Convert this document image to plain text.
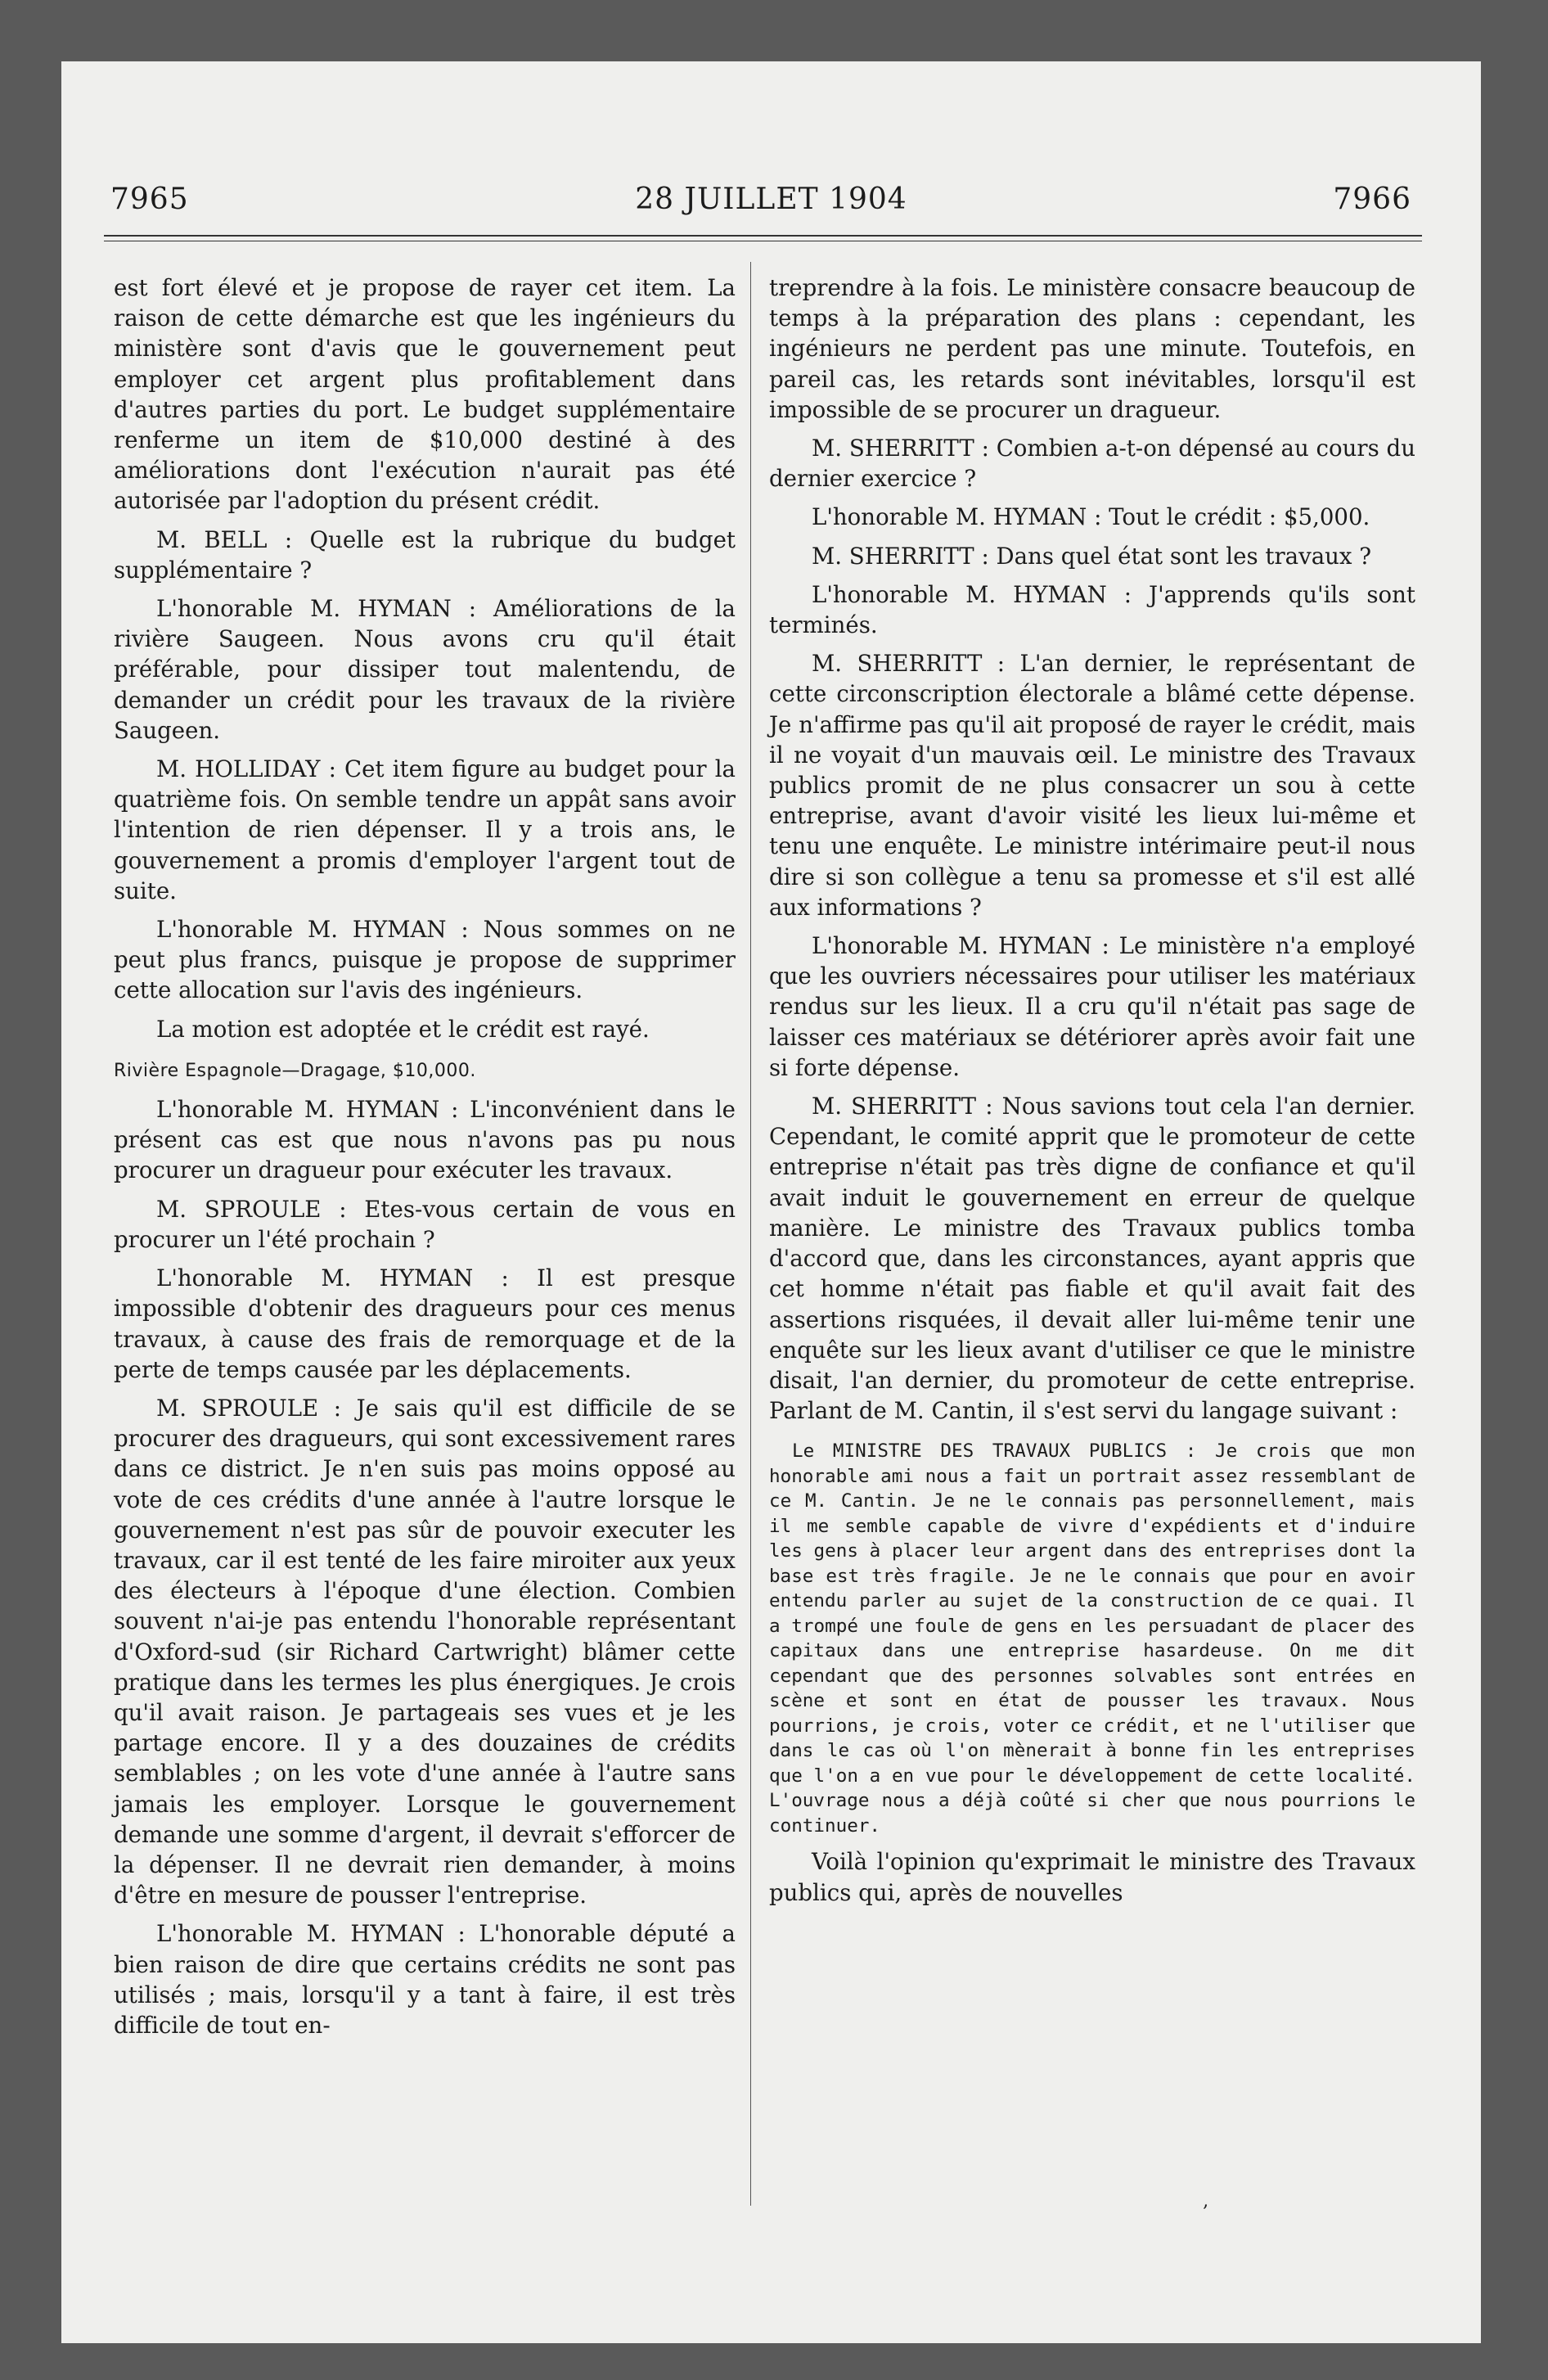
7965	28 JUILLET 1904	7966

est fort élevé et je propose de rayer cet item. La raison de cette démarche est que les ingénieurs du ministère sont d'avis que le gouvernement peut employer cet argent plus profitablement dans d'autres parties du port. Le budget supplémentaire renferme un item de $10,000 destiné à des améliorations dont l'exécution n'aurait pas été autorisée par l'adoption du présent crédit.

M. BELL : Quelle est la rubrique du budget supplémentaire ?

L'honorable M. HYMAN : Améliorations de la rivière Saugeen. Nous avons cru qu'il était préférable, pour dissiper tout malentendu, de demander un crédit pour les travaux de la rivière Saugeen.

M. HOLLIDAY : Cet item figure au budget pour la quatrième fois. On semble tendre un appât sans avoir l'intention de rien dépenser. Il y a trois ans, le gouvernement a promis d'employer l'argent tout de suite.

L'honorable M. HYMAN : Nous sommes on ne peut plus francs, puisque je propose de supprimer cette allocation sur l'avis des ingénieurs.

La motion est adoptée et le crédit est rayé.

Rivière Espagnole—Dragage, $10,000.

L'honorable M. HYMAN : L'inconvénient dans le présent cas est que nous n'avons pas pu nous procurer un dragueur pour exécuter les travaux.

M. SPROULE : Etes-vous certain de vous en procurer un l'été prochain ?

L'honorable M. HYMAN : Il est presque impossible d'obtenir des dragueurs pour ces menus travaux, à cause des frais de remorquage et de la perte de temps causée par les déplacements.

M. SPROULE : Je sais qu'il est difficile de se procurer des dragueurs, qui sont excessivement rares dans ce district. Je n'en suis pas moins opposé au vote de ces crédits d'une année à l'autre lorsque le gouvernement n'est pas sûr de pouvoir executer les travaux, car il est tenté de les faire miroiter aux yeux des électeurs à l'époque d'une élection. Combien souvent n'ai-je pas entendu l'honorable représentant d'Oxford-sud (sir Richard Cartwright) blâmer cette pratique dans les termes les plus énergiques. Je crois qu'il avait raison. Je partageais ses vues et je les partage encore. Il y a des douzaines de crédits semblables ; on les vote d'une année à l'autre sans jamais les employer. Lorsque le gouvernement demande une somme d'argent, il devrait s'efforcer de la dépenser. Il ne devrait rien demander, à moins d'être en mesure de pousser l'entreprise.

L'honorable M. HYMAN : L'honorable député a bien raison de dire que certains crédits ne sont pas utilisés ; mais, lorsqu'il y a tant à faire, il est très difficile de tout en-

treprendre à la fois. Le ministère consacre beaucoup de temps à la préparation des plans : cependant, les ingénieurs ne perdent pas une minute. Toutefois, en pareil cas, les retards sont inévitables, lorsqu'il est impossible de se procurer un dragueur.

M. SHERRITT : Combien a-t-on dépensé au cours du dernier exercice ?

L'honorable M. HYMAN : Tout le crédit : $5,000.

M. SHERRITT : Dans quel état sont les travaux ?

L'honorable M. HYMAN : J'apprends qu'ils sont terminés.

M. SHERRITT : L'an dernier, le représentant de cette circonscription électorale a blâmé cette dépense. Je n'affirme pas qu'il ait proposé de rayer le crédit, mais il ne voyait d'un mauvais œil. Le ministre des Travaux publics promit de ne plus consacrer un sou à cette entreprise, avant d'avoir visité les lieux lui-même et tenu une enquête. Le ministre intérimaire peut-il nous dire si son collègue a tenu sa promesse et s'il est allé aux informations ?

L'honorable M. HYMAN : Le ministère n'a employé que les ouvriers nécessaires pour utiliser les matériaux rendus sur les lieux. Il a cru qu'il n'était pas sage de laisser ces matériaux se détériorer après avoir fait une si forte dépense.

M. SHERRITT : Nous savions tout cela l'an dernier. Cependant, le comité apprit que le promoteur de cette entreprise n'était pas très digne de confiance et qu'il avait induit le gouvernement en erreur de quelque manière. Le ministre des Travaux publics tomba d'accord que, dans les circonstances, ayant appris que cet homme n'était pas fiable et qu'il avait fait des assertions risquées, il devait aller lui-même tenir une enquête sur les lieux avant d'utiliser ce que le ministre disait, l'an dernier, du promoteur de cette entreprise. Parlant de M. Cantin, il s'est servi du langage suivant :

Le MINISTRE DES TRAVAUX PUBLICS : Je crois que mon honorable ami nous a fait un portrait assez ressemblant de ce M. Cantin. Je ne le connais pas personnellement, mais il me semble capable de vivre d'expédients et d'induire les gens à placer leur argent dans des entreprises dont la base est très fragile. Je ne le connais que pour en avoir entendu parler au sujet de la construction de ce quai. Il a trompé une foule de gens en les persuadant de placer des capitaux dans une entreprise hasardeuse. On me dit cependant que des personnes solvables sont entrées en scène et sont en état de pousser les travaux. Nous pourrions, je crois, voter ce crédit, et ne l'utiliser que dans le cas où l'on mènerait à bonne fin les entreprises que l'on a en vue pour le développement de cette localité. L'ouvrage nous a déjà coûté si cher que nous pourrions le continuer.

Voilà l'opinion qu'exprimait le ministre des Travaux publics qui, après de nouvelles

‚
